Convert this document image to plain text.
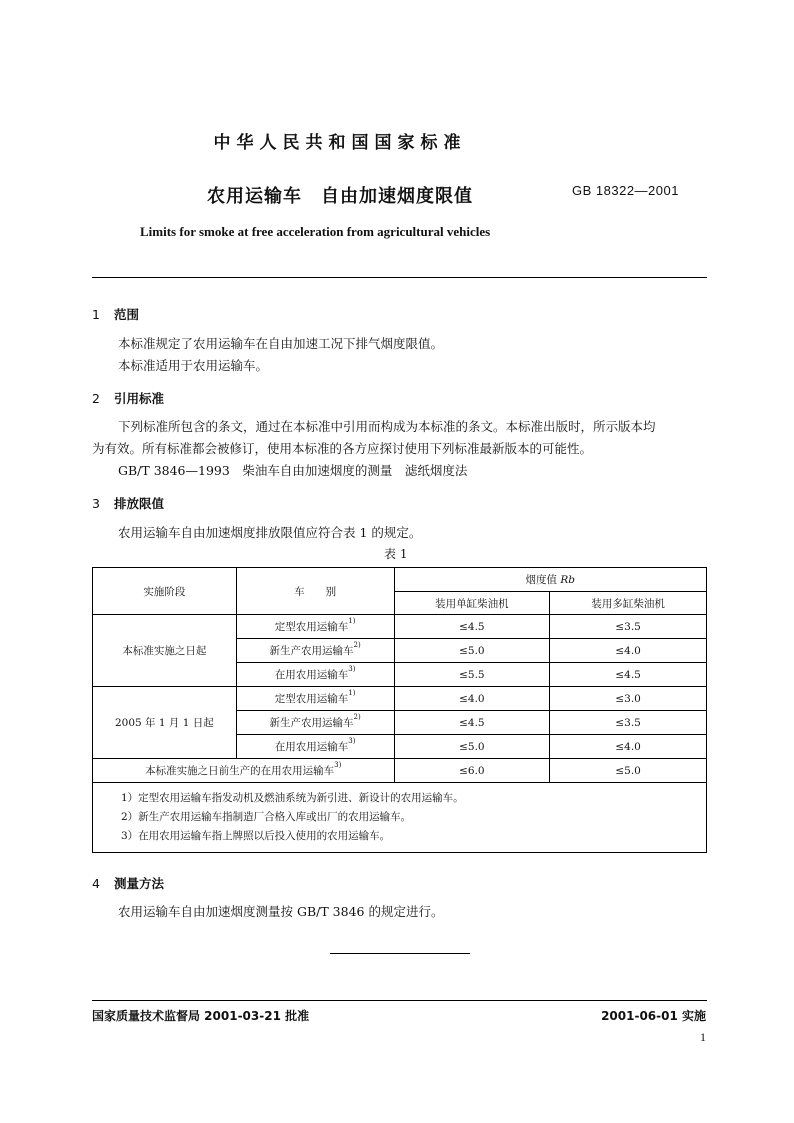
中华人民共和国国家标准
农用运输车　自由加速烟度限值	GB 18322—2001
Limits for smoke at free acceleration from agricultural vehicles
1 范围
本标准规定了农用运输车在自由加速工况下排气烟度限值。
本标准适用于农用运输车。
2 引用标准
下列标准所包含的条文，通过在本标准中引用而构成为本标准的条文。本标准出版时，所示版本均
为有效。所有标准都会被修订，使用本标准的各方应探讨使用下列标准最新版本的可能性。
GB/T 3846—1993　柴油车自由加速烟度的测量　滤纸烟度法
3 排放限值
农用运输车自由加速烟度排放限值应符合表 1 的规定。
表 1
实施阶段	车　　别	烟度值 Rb	
		装用单缸柴油机	装用多缸柴油机
本标准实施之日起	定型农用运输车$^{1)}$	≤4.5	≤3.5
	新生产农用运输车$^{2)}$	≤5.0	≤4.0
	在用农用运输车$^{3)}$	≤5.5	≤4.5
2005 年 1 月 1 日起	定型农用运输车$^{1)}$	≤4.0	≤3.0
	新生产农用运输车$^{2)}$	≤4.5	≤3.5
	在用农用运输车$^{3)}$	≤5.0	≤4.0
本标准实施之日前生产的在用农用运输车$^{3)}$		≤6.0	≤5.0

1）定型农用运输车指发动机及燃油系统为新引进、新设计的农用运输车。
2）新生产农用运输车指制造厂合格入库或出厂的农用运输车。
3）在用农用运输车指上牌照以后投入使用的农用运输车。			
4 测量方法
农用运输车自由加速烟度测量按 GB/T 3846 的规定进行。
国家质量技术监督局 2001-03-21 批准	2001-06-01 实施
1
